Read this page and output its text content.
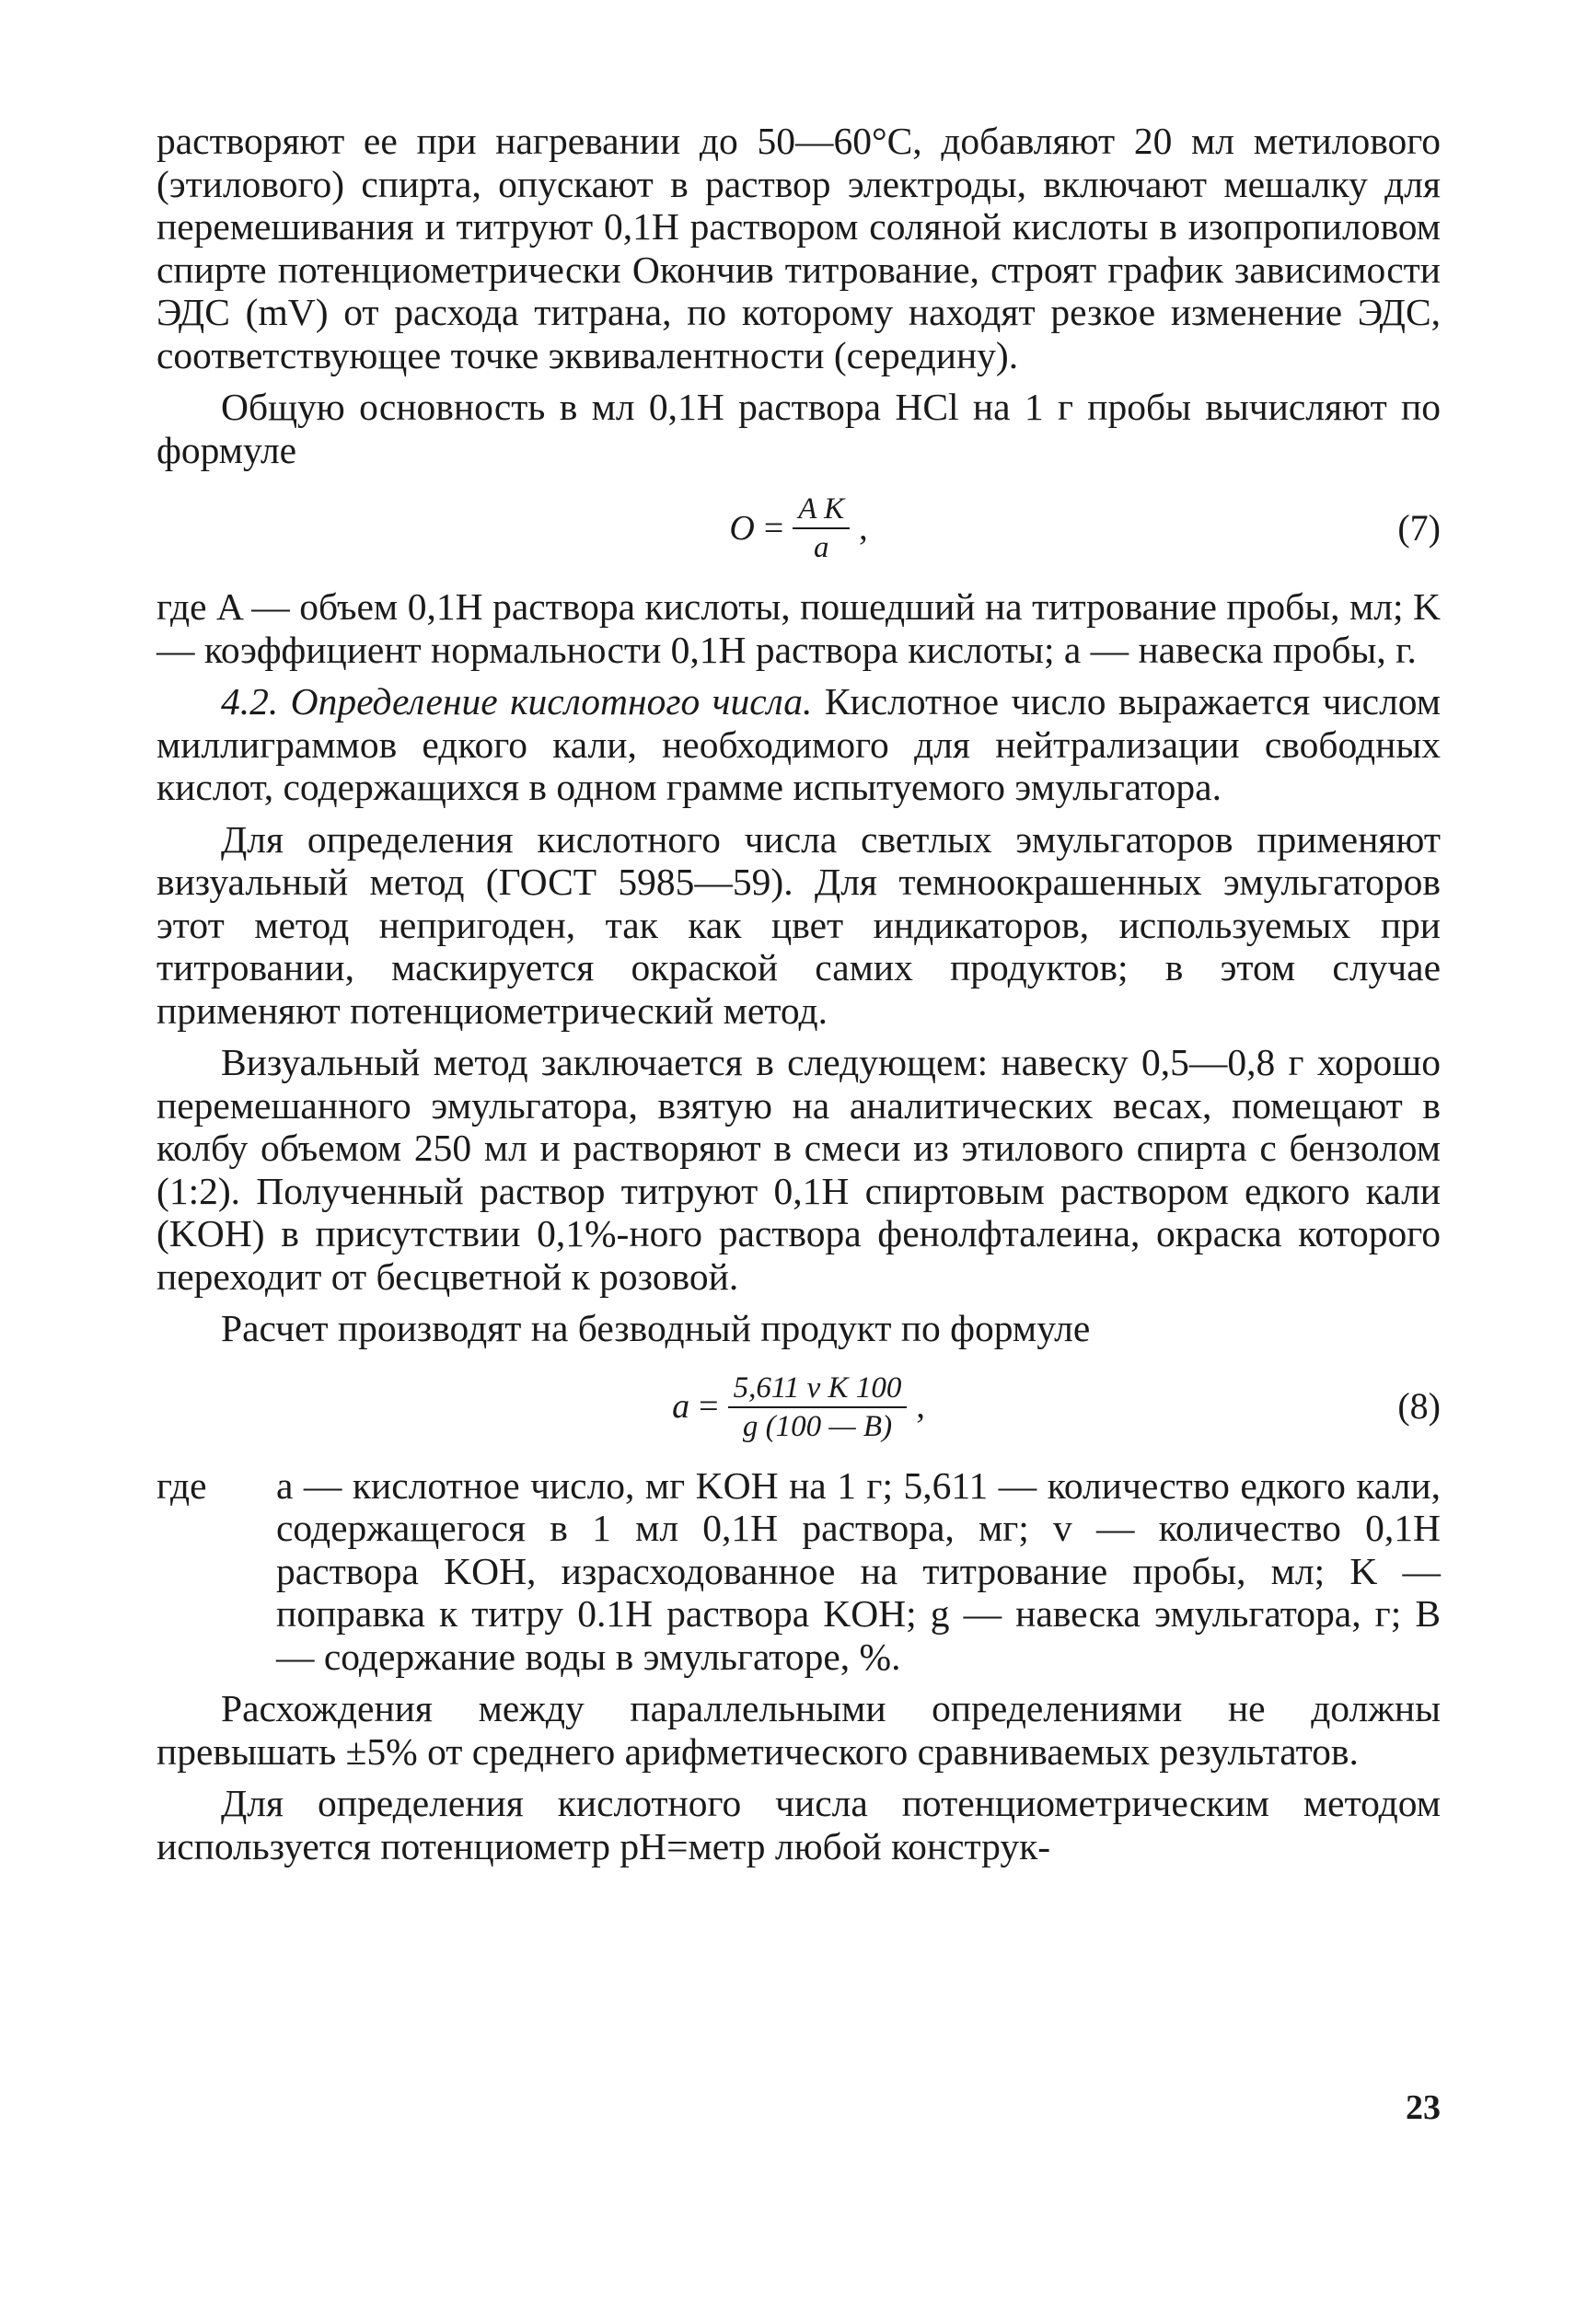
растворяют ее при нагревании до 50—60°С, добавляют 20 мл метилового (этилового) спирта, опускают в раствор электроды, включают мешалку для перемешивания и титруют 0,1Н раствором соляной кислоты в изопропиловом спирте потенциометрически Окончив титрование, строят график зависимости ЭДС (mV) от расхода титрана, по которому находят резкое изменение ЭДС, соответствующее точке эквивалентности (середину).

Общую основность в мл 0,1Н раствора HCl на 1 г пробы вычисляют по формуле

$O = \frac{\text{A K}}{a}$ ,	(7)

где A — объем 0,1Н раствора кислоты, пошедший на титрование пробы, мл; K — коэффициент нормальности 0,1Н раствора кислоты; a — навеска пробы, г.

4.2. Определение кислотного числа. Кислотное число выражается числом миллиграммов едкого кали, необходимого для нейтрализации свободных кислот, содержащихся в одном грамме испытуемого эмульгатора.

Для определения кислотного числа светлых эмульгаторов применяют визуальный метод (ГОСТ 5985—59). Для темноокрашенных эмульгаторов этот метод непригоден, так как цвет индикаторов, используемых при титровании, маскируется окраской самих продуктов; в этом случае применяют потенциометрический метод.

Визуальный метод заключается в следующем: навеску 0,5—0,8 г хорошо перемешанного эмульгатора, взятую на аналитических весах, помещают в колбу объемом 250 мл и растворяют в смеси из этилового спирта с бензолом (1:2). Полученный раствор титруют 0,1Н спиртовым раствором едкого кали (KOH) в присутствии 0,1%-ного раствора фенолфталеина, окраска которого переходит от бесцветной к розовой.

Расчет производят на безводный продукт по формуле

$a = \frac{\text{5,611 v K 100}}{g (100 — B)}$ ,	(8)

где	a — кислотное число, мг KOH на 1 г; 5,611 — количество едкого кали, содержащегося в 1 мл 0,1Н раствора, мг; v — количество 0,1Н раствора KOH, израсходованное на титрование пробы, мл; K — поправка к титру 0.1Н раствора KOH; g — навеска эмульгатора, г; B — содержание воды в эмульгаторе, %.

Расхождения между параллельными определениями не должны превышать ±5% от среднего арифметического сравниваемых результатов.

Для определения кислотного числа потенциометрическим методом используется потенциометр pH=метр любой конструк-

23
